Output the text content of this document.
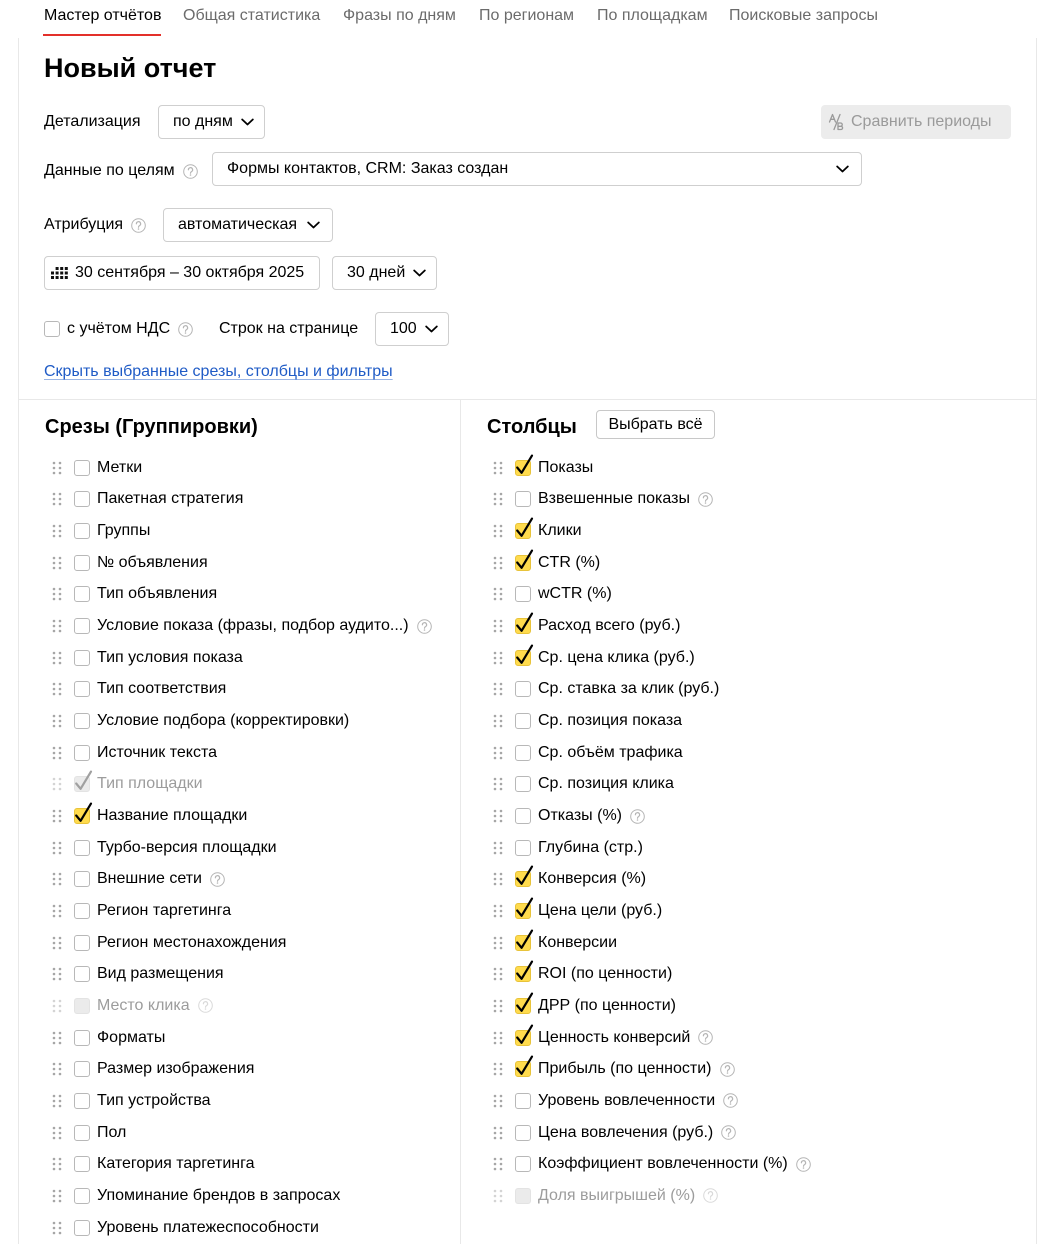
Мастер отчётов Общая статистика Фразы по дням По регионам По площадкам Поисковые запросы
Новый отчет
Детализация по дням	Сравнить периоды
Данные по целям	Формы контактов, CRM: Заказ создан
Атрибуция	автоматическая
30 сентября – 30 октября 2025	30 дней
с учётом НДС	Строк на странице 100
Скрыть выбранные срезы, столбцы и фильтры
Срезы (Группировки)	Столбцы	Выбрать всё
Метки
Пакетная стратегия
Группы
№ объявления
Тип объявления
Условие показа (фразы, подбор аудито...)
Тип условия показа
Тип соответствия
Условие подбора (корректировки)
Источник текста
Тип площадки
Название площадки
Турбо-версия площадки
Внешние сети
Регион таргетинга
Регион местонахождения
Вид размещения
Место клика
Форматы
Размер изображения
Тип устройства
Пол
Категория таргетинга
Упоминание брендов в запросах
Уровень платежеспособности
Показы
Взвешенные показы
Клики
CTR (%)
wCTR (%)
Расход всего (руб.)
Ср. цена клика (руб.)
Ср. ставка за клик (руб.)
Ср. позиция показа
Ср. объём трафика
Ср. позиция клика
Отказы (%)
Глубина (стр.)
Конверсия (%)
Цена цели (руб.)
Конверсии
ROI (по ценности)
ДРР (по ценности)
Ценность конверсий
Прибыль (по ценности)
Уровень вовлеченности
Цена вовлечения (руб.)
Коэффициент вовлеченности (%)
Доля выигрышей (%)
